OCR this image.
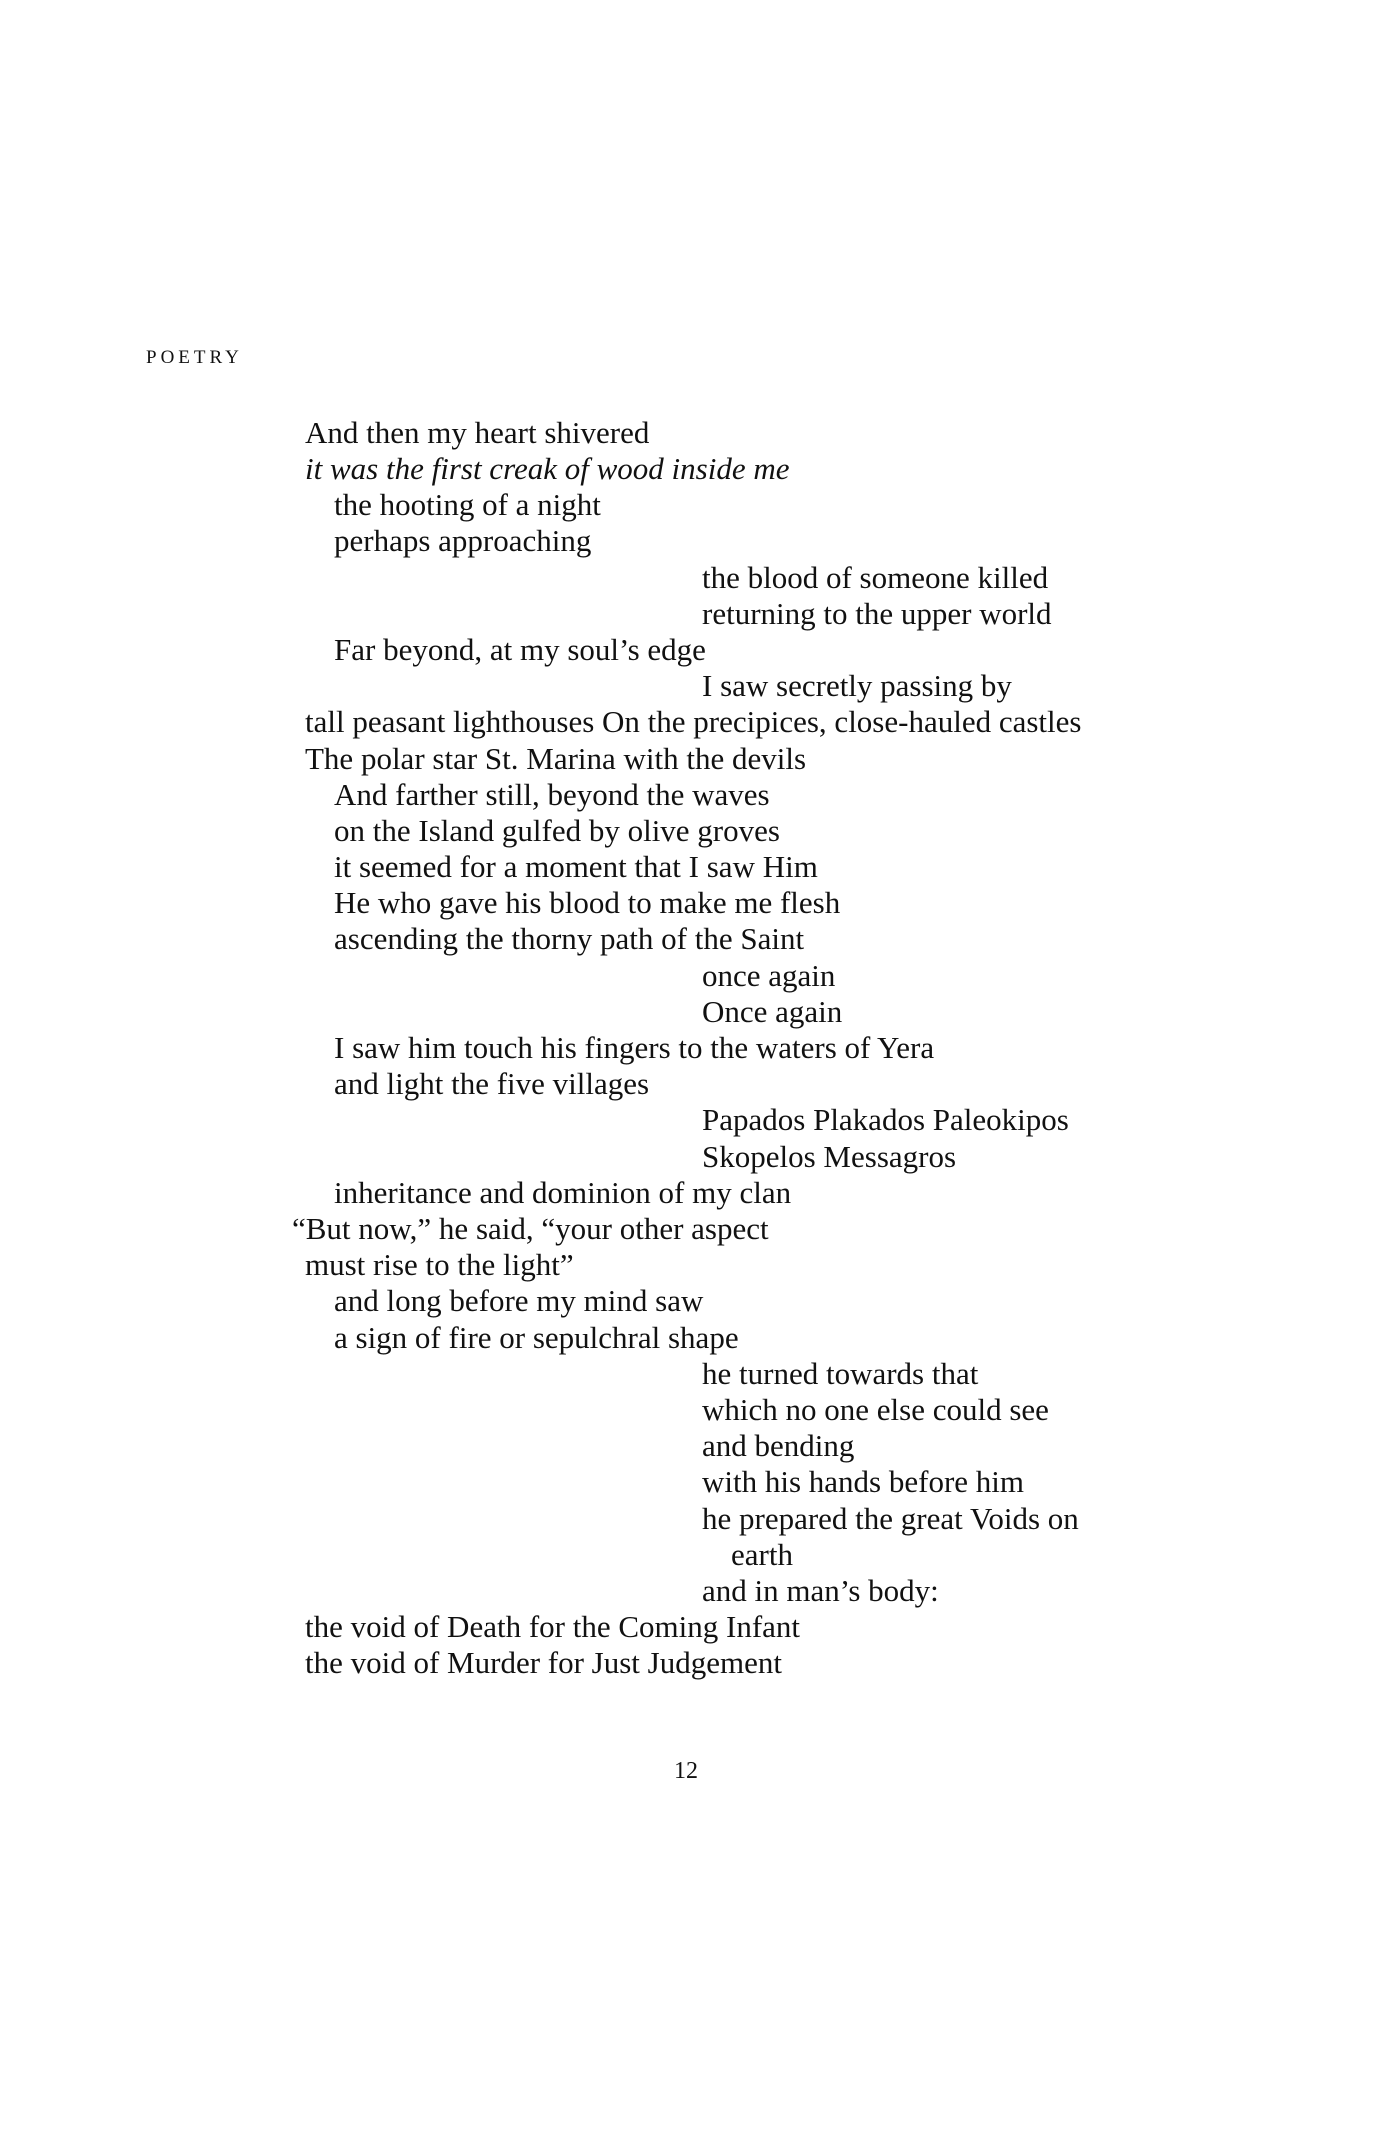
POETRY
And then my heart shivered
it was the first creak of wood inside me
the hooting of a night
perhaps approaching
the blood of someone killed
returning to the upper world
Far beyond, at my soul’s edge
I saw secretly passing by
tall peasant lighthouses On the precipices, close-hauled castles
The polar star St. Marina with the devils
And farther still, beyond the waves
on the Island gulfed by olive groves
it seemed for a moment that I saw Him
He who gave his blood to make me flesh
ascending the thorny path of the Saint
once again
Once again
I saw him touch his fingers to the waters of Yera
and light the five villages
Papados Plakados Paleokipos
Skopelos Messagros
inheritance and dominion of my clan
“But now,” he said, “your other aspect
must rise to the light”
and long before my mind saw
a sign of fire or sepulchral shape
he turned towards that
which no one else could see
and bending
with his hands before him
he prepared the great Voids on
earth
and in man’s body:
the void of Death for the Coming Infant
the void of Murder for Just Judgement
12
